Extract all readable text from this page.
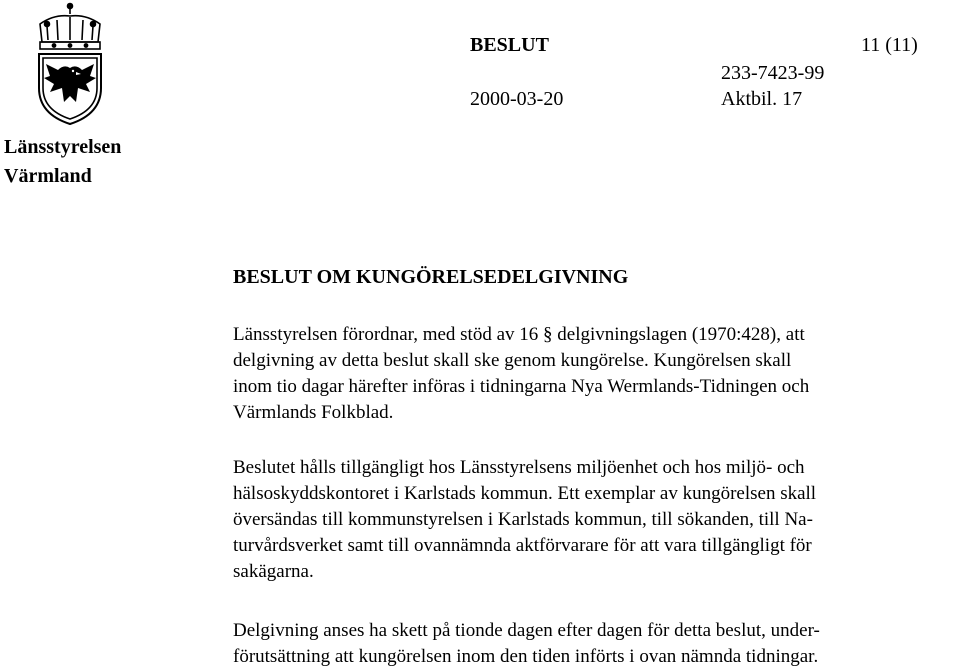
Länsstyrelsen
Värmland
BESLUT	11 (11)
233-7423-99
2000-03-20	Aktbil. 17
BESLUT OM KUNGÖRELSEDELGIVNING
Länsstyrelsen förordnar, med stöd av 16 § delgivningslagen (1970:428), att
delgivning av detta beslut skall ske genom kungörelse. Kungörelsen skall
inom tio dagar härefter införas i tidningarna Nya Wermlands-Tidningen och
Värmlands Folkblad.
Beslutet hålls tillgängligt hos Länsstyrelsens miljöenhet och hos miljö- och
hälsoskyddskontoret i Karlstads kommun. Ett exemplar av kungörelsen skall
översändas till kommunstyrelsen i Karlstads kommun, till sökanden, till Na-
turvårdsverket samt till ovannämnda aktförvarare för att vara tillgängligt för
sakägarna.
Delgivning anses ha skett på tionde dagen efter dagen för detta beslut, under-
förutsättning att kungörelsen inom den tiden införts i ovan nämnda tidningar.
